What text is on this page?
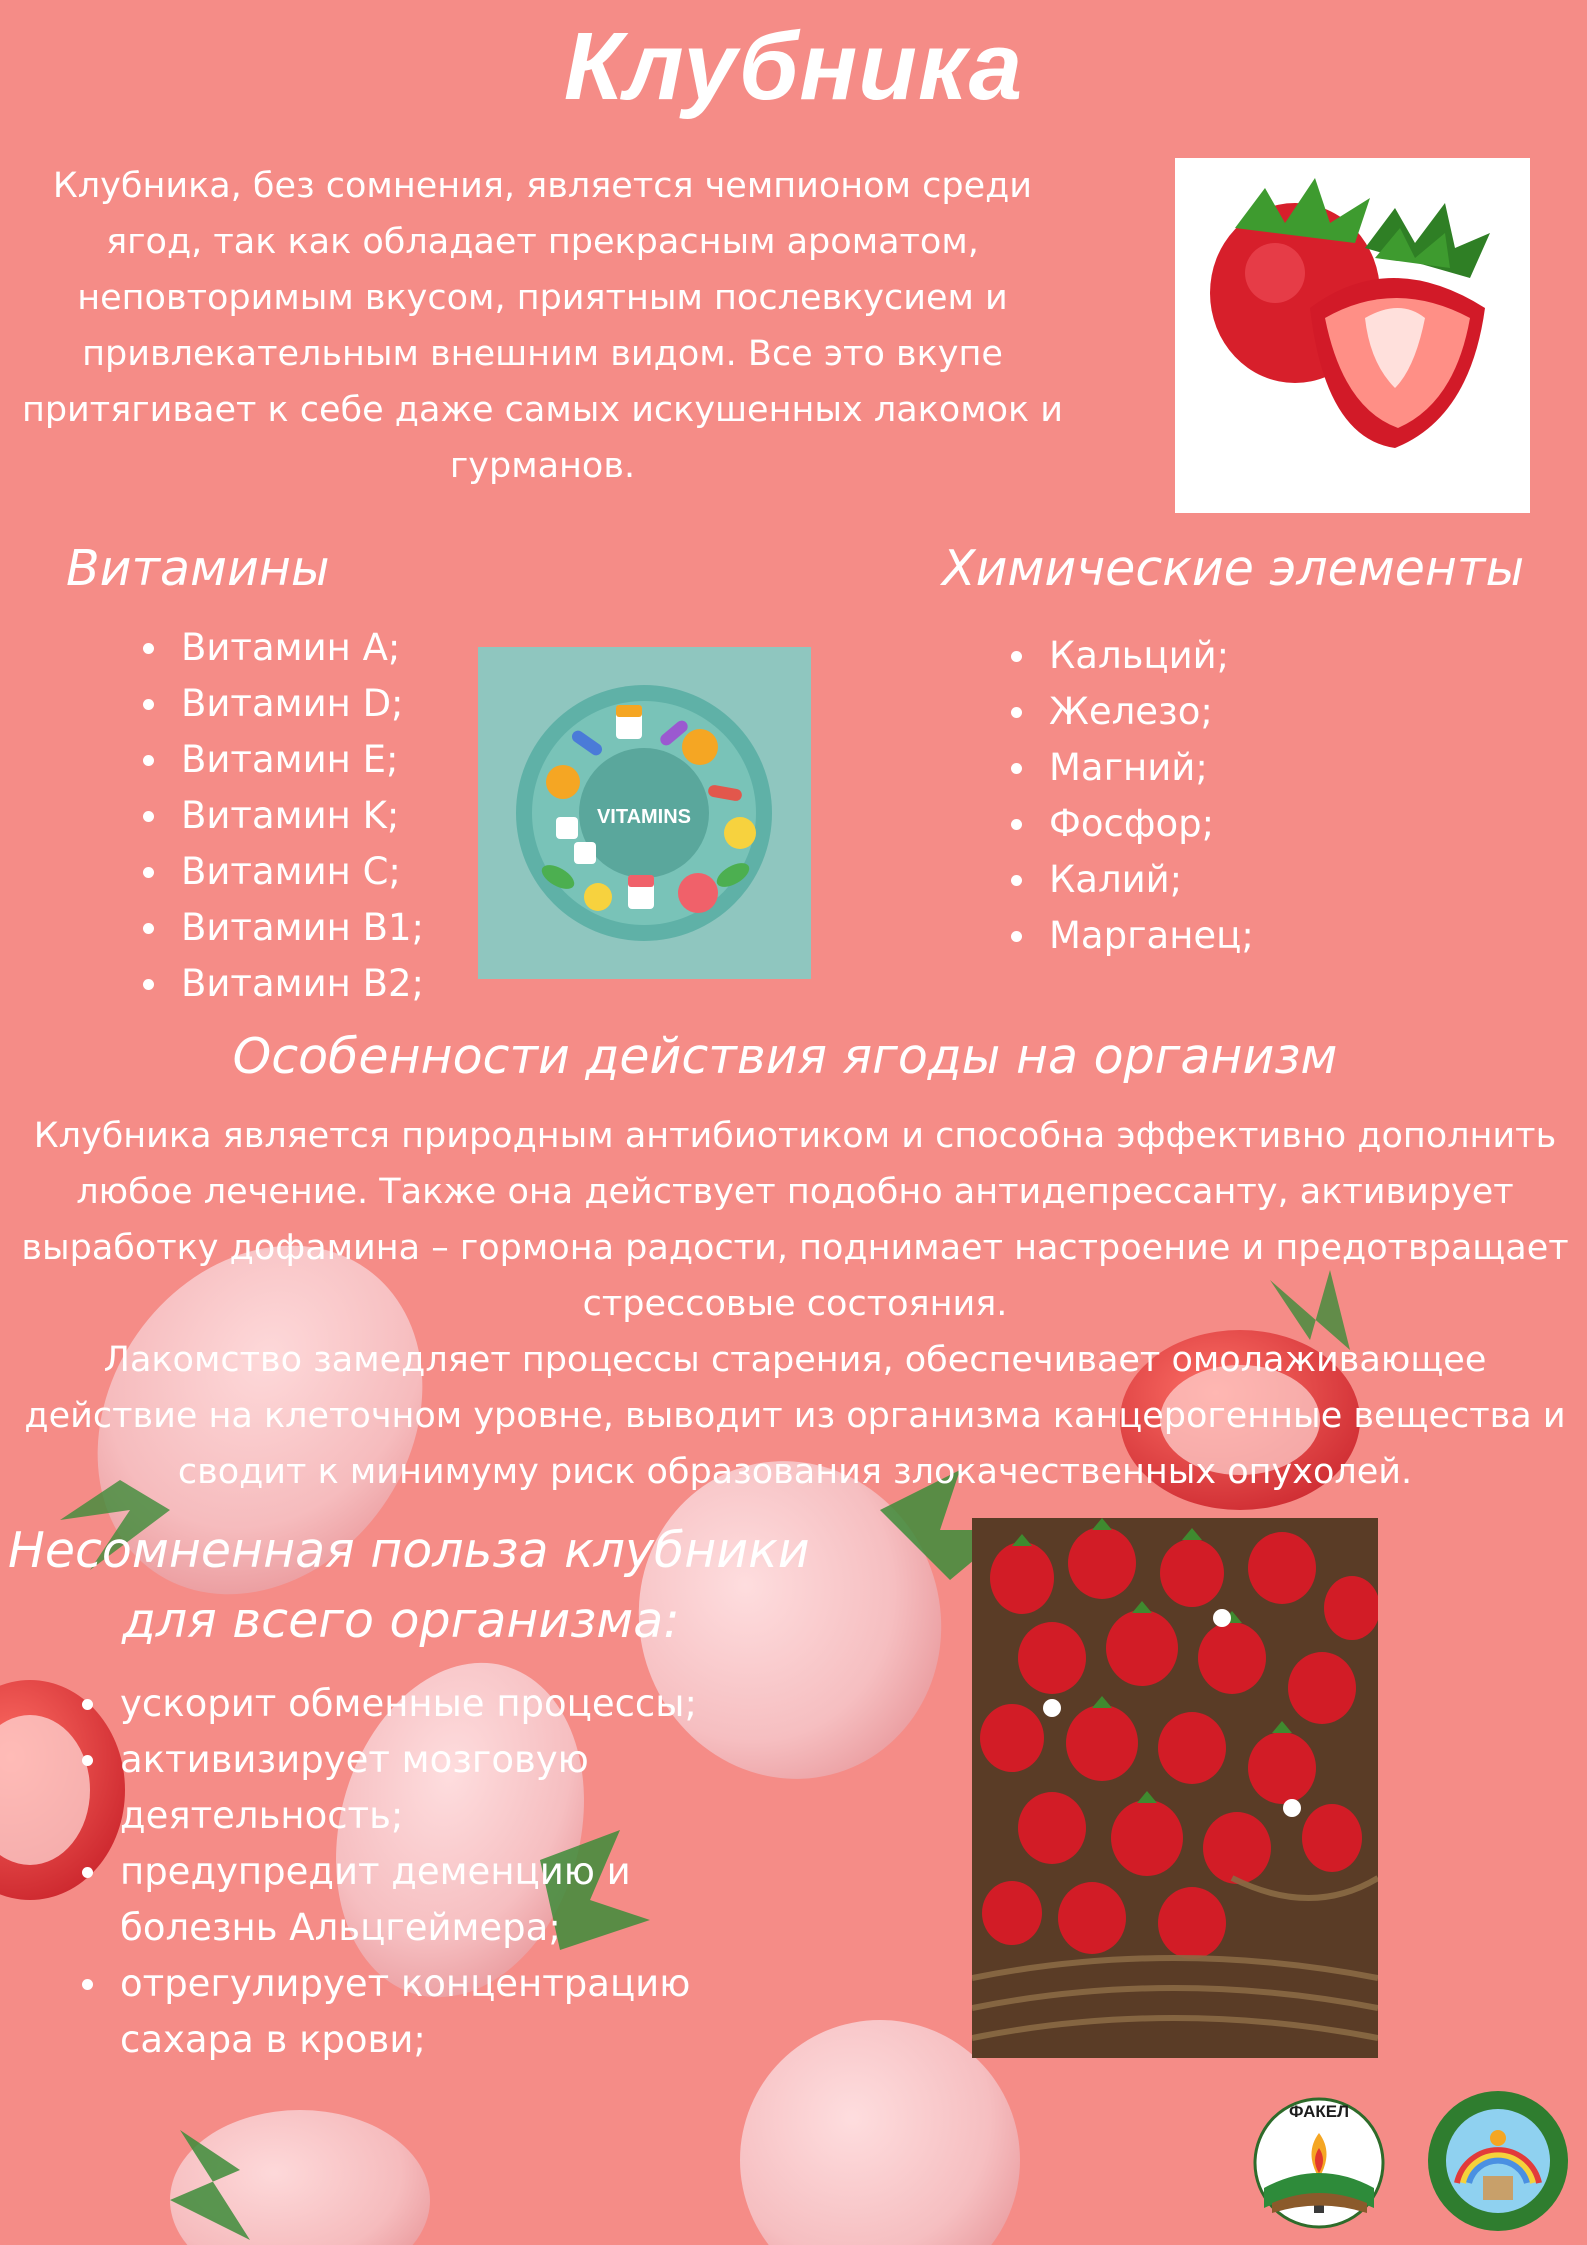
Клубника
Клубника, без сомнения, является чемпионом среди ягод, так как обладает прекрасным ароматом, неповторимым вкусом, приятным послевкусием и привлекательным внешним видом. Все это вкупе притягивает к себе даже самых искушенных лакомок и гурманов.
Витамины
Витамин A;
Витамин D;
Витамин E;
Витамин K;
Витамин C;
Витамин B1;
Витамин B2;
VITAMINS
Химические элементы
Кальций;
Железо;
Магний;
Фосфор;
Калий;
Марганец;
Особенности действия ягоды на организм
Клубника является природным антибиотиком и способна эффективно дополнить любое лечение. Также она действует подобно антидепрессанту, активирует выработку дофамина – гормона радости, поднимает настроение и предотвращает стрессовые состояния.
Лакомство замедляет процессы старения, обеспечивает омолаживающее действие на клеточном уровне, выводит из организма канцерогенные вещества и сводит к минимуму риск образования злокачественных опухолей.
Несомненная польза клубники
для всего организма:
ускорит обменные процессы;
активизирует мозговую деятельность;
предупредит деменцию и болезнь Альцгеймера;
отрегулирует концентрацию сахара в крови;
ФАКЕЛ
